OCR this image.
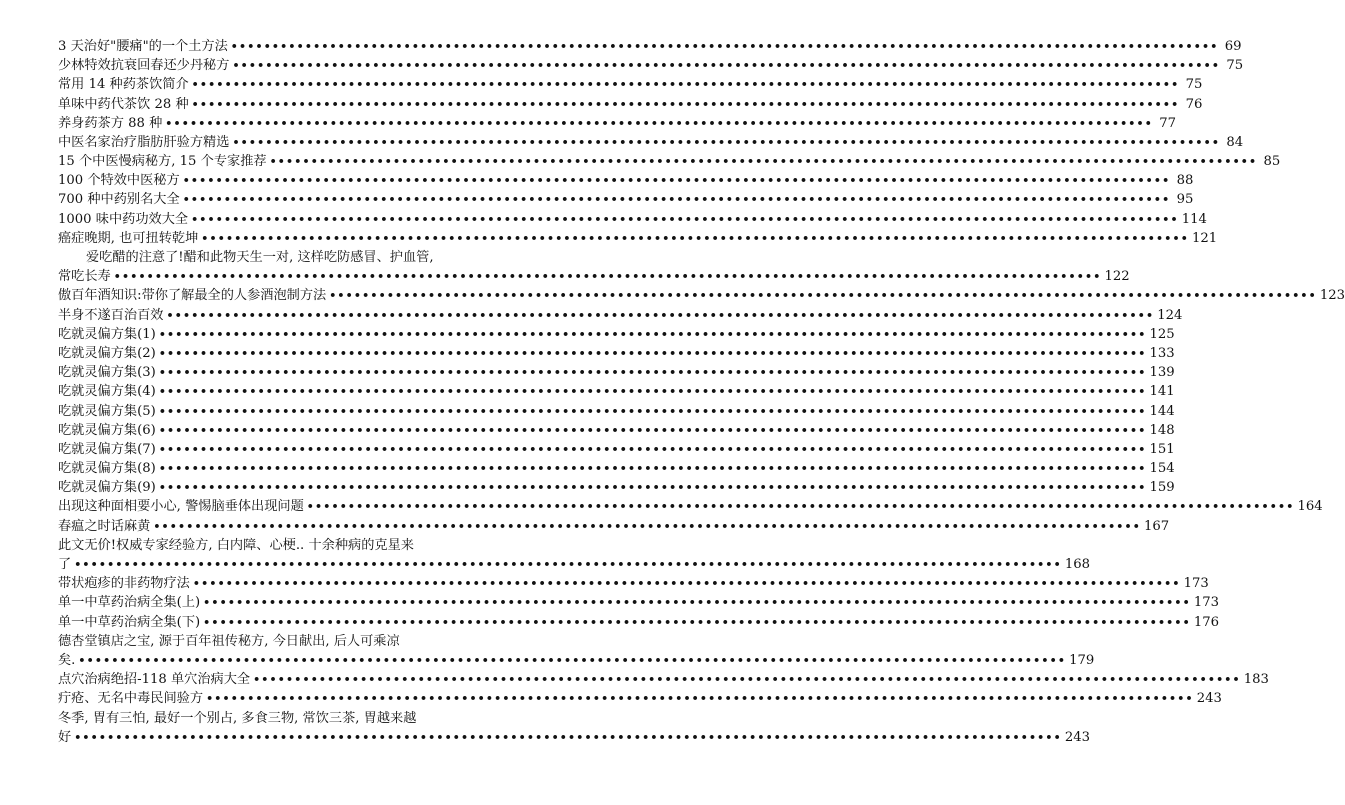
3 天治好"腰痛"的一个土方法 •••••••••••••••••••••••••••••••••••••••••••••••••••••••••••••••••••••••••••••••••••••••••••••••••••••••••••••••••••••••• 69
少林特效抗衰回春还少丹秘方 •••••••••••••••••••••••••••••••••••••••••••••••••••••••••••••••••••••••••••••••••••••••••••••••••••••••••••••••••••••••• 75
常用 14 种药茶饮简介 •••••••••••••••••••••••••••••••••••••••••••••••••••••••••••••••••••••••••••••••••••••••••••••••••••••••••••••••••••••••• 75
单味中药代茶饮 28 种 •••••••••••••••••••••••••••••••••••••••••••••••••••••••••••••••••••••••••••••••••••••••••••••••••••••••••••••••••••••••• 76
养身药茶方 88 种 •••••••••••••••••••••••••••••••••••••••••••••••••••••••••••••••••••••••••••••••••••••••••••••••••••••••••••••••••••••••• 77
中医名家治疗脂肪肝验方精选 •••••••••••••••••••••••••••••••••••••••••••••••••••••••••••••••••••••••••••••••••••••••••••••••••••••••••••••••••••••••• 84
15 个中医慢病秘方, 15 个专家推荐 •••••••••••••••••••••••••••••••••••••••••••••••••••••••••••••••••••••••••••••••••••••••••••••••••••••••••••••••••••••••• 85
100 个特效中医秘方 •••••••••••••••••••••••••••••••••••••••••••••••••••••••••••••••••••••••••••••••••••••••••••••••••••••••••••••••••••••••• 88
700 种中药别名大全 •••••••••••••••••••••••••••••••••••••••••••••••••••••••••••••••••••••••••••••••••••••••••••••••••••••••••••••••••••••••• 95
1000 味中药功效大全 •••••••••••••••••••••••••••••••••••••••••••••••••••••••••••••••••••••••••••••••••••••••••••••••••••••••••••••••••••••••• 114
癌症晚期, 也可扭转乾坤 •••••••••••••••••••••••••••••••••••••••••••••••••••••••••••••••••••••••••••••••••••••••••••••••••••••••••••••••••••••••• 121
爱吃醋的注意了!醋和此物天生一对, 这样吃防感冒、护血管,
常吃长寿 •••••••••••••••••••••••••••••••••••••••••••••••••••••••••••••••••••••••••••••••••••••••••••••••••••••••••••••••••••••••• 122
傲百年酒知识:带你了解最全的人参酒泡制方法 •••••••••••••••••••••••••••••••••••••••••••••••••••••••••••••••••••••••••••••••••••••••••••••••••••••••••••••••••••••••• 123
半身不遂百治百效 •••••••••••••••••••••••••••••••••••••••••••••••••••••••••••••••••••••••••••••••••••••••••••••••••••••••••••••••••••••••• 124
吃就灵偏方集(1) •••••••••••••••••••••••••••••••••••••••••••••••••••••••••••••••••••••••••••••••••••••••••••••••••••••••••••••••••••••••• 125
吃就灵偏方集(2) •••••••••••••••••••••••••••••••••••••••••••••••••••••••••••••••••••••••••••••••••••••••••••••••••••••••••••••••••••••••• 133
吃就灵偏方集(3) •••••••••••••••••••••••••••••••••••••••••••••••••••••••••••••••••••••••••••••••••••••••••••••••••••••••••••••••••••••••• 139
吃就灵偏方集(4) •••••••••••••••••••••••••••••••••••••••••••••••••••••••••••••••••••••••••••••••••••••••••••••••••••••••••••••••••••••••• 141
吃就灵偏方集(5) •••••••••••••••••••••••••••••••••••••••••••••••••••••••••••••••••••••••••••••••••••••••••••••••••••••••••••••••••••••••• 144
吃就灵偏方集(6) •••••••••••••••••••••••••••••••••••••••••••••••••••••••••••••••••••••••••••••••••••••••••••••••••••••••••••••••••••••••• 148
吃就灵偏方集(7) •••••••••••••••••••••••••••••••••••••••••••••••••••••••••••••••••••••••••••••••••••••••••••••••••••••••••••••••••••••••• 151
吃就灵偏方集(8) •••••••••••••••••••••••••••••••••••••••••••••••••••••••••••••••••••••••••••••••••••••••••••••••••••••••••••••••••••••••• 154
吃就灵偏方集(9) •••••••••••••••••••••••••••••••••••••••••••••••••••••••••••••••••••••••••••••••••••••••••••••••••••••••••••••••••••••••• 159
出现这种面相要小心, 警惕脑垂体出现问题 •••••••••••••••••••••••••••••••••••••••••••••••••••••••••••••••••••••••••••••••••••••••••••••••••••••••••••••••••••••••• 164
春瘟之时话麻黄 •••••••••••••••••••••••••••••••••••••••••••••••••••••••••••••••••••••••••••••••••••••••••••••••••••••••••••••••••••••••• 167
此文无价!权威专家经验方, 白内障、心梗.. 十余种病的克星来
了 •••••••••••••••••••••••••••••••••••••••••••••••••••••••••••••••••••••••••••••••••••••••••••••••••••••••••••••••••••••••• 168
带状疱疹的非药物疗法 •••••••••••••••••••••••••••••••••••••••••••••••••••••••••••••••••••••••••••••••••••••••••••••••••••••••••••••••••••••••• 173
单一中草药治病全集(上) •••••••••••••••••••••••••••••••••••••••••••••••••••••••••••••••••••••••••••••••••••••••••••••••••••••••••••••••••••••••• 173
单一中草药治病全集(下) •••••••••••••••••••••••••••••••••••••••••••••••••••••••••••••••••••••••••••••••••••••••••••••••••••••••••••••••••••••••• 176
德杏堂镇店之宝, 源于百年祖传秘方, 今日献出, 后人可乘凉
矣. •••••••••••••••••••••••••••••••••••••••••••••••••••••••••••••••••••••••••••••••••••••••••••••••••••••••••••••••••••••••• 179
点穴治病绝招-118 单穴治病大全 •••••••••••••••••••••••••••••••••••••••••••••••••••••••••••••••••••••••••••••••••••••••••••••••••••••••••••••••••••••••• 183
疔疮、无名中毒民间验方 •••••••••••••••••••••••••••••••••••••••••••••••••••••••••••••••••••••••••••••••••••••••••••••••••••••••••••••••••••••••• 243
冬季, 胃有三怕, 最好一个别占, 多食三物, 常饮三茶, 胃越来越
好 •••••••••••••••••••••••••••••••••••••••••••••••••••••••••••••••••••••••••••••••••••••••••••••••••••••••••••••••••••••••• 243
